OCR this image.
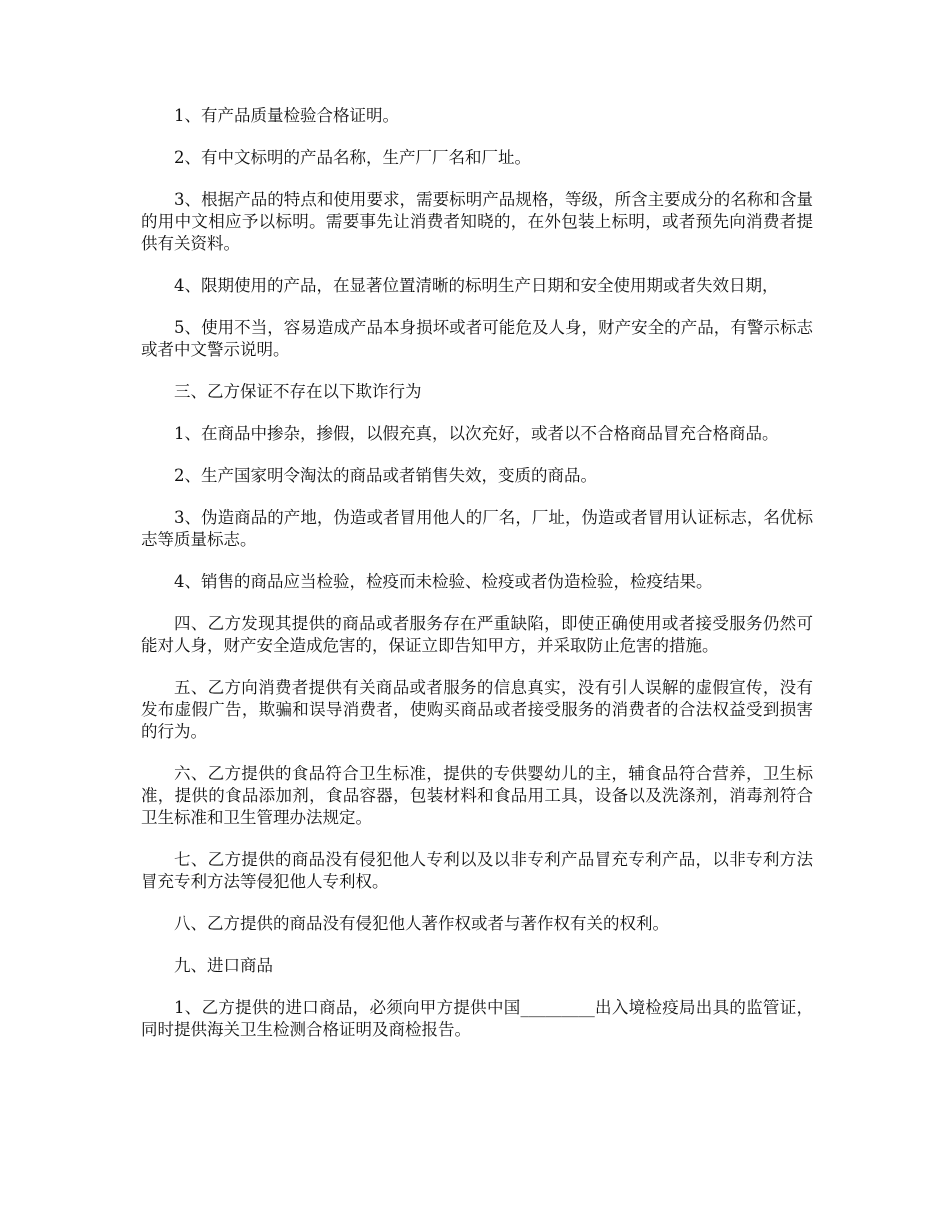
1、有产品质量检验合格证明。

2、有中文标明的产品名称，生产厂厂名和厂址。

3、根据产品的特点和使用要求，需要标明产品规格，等级，所含主要成分的名称和含量的用中文相应予以标明。需要事先让消费者知晓的，在外包装上标明，或者预先向消费者提供有关资料。

4、限期使用的产品，在显著位置清晰的标明生产日期和安全使用期或者失效日期，

5、使用不当，容易造成产品本身损坏或者可能危及人身，财产安全的产品，有警示标志或者中文警示说明。

三、乙方保证不存在以下欺诈行为

1、在商品中掺杂，掺假，以假充真，以次充好，或者以不合格商品冒充合格商品。

2、生产国家明令淘汰的商品或者销售失效，变质的商品。

3、伪造商品的产地，伪造或者冒用他人的厂名，厂址，伪造或者冒用认证标志，名优标志等质量标志。

4、销售的商品应当检验，检疫而未检验、检疫或者伪造检验，检疫结果。

四、乙方发现其提供的商品或者服务存在严重缺陷，即使正确使用或者接受服务仍然可能对人身，财产安全造成危害的，保证立即告知甲方，并采取防止危害的措施。

五、乙方向消费者提供有关商品或者服务的信息真实，没有引人误解的虚假宣传，没有发布虚假广告，欺骗和误导消费者，使购买商品或者接受服务的消费者的合法权益受到损害的行为。

六、乙方提供的食品符合卫生标准，提供的专供婴幼儿的主，辅食品符合营养，卫生标准，提供的食品添加剂，食品容器，包装材料和食品用工具，设备以及洗涤剂，消毒剂符合卫生标准和卫生管理办法规定。

七、乙方提供的商品没有侵犯他人专利以及以非专利产品冒充专利产品，以非专利方法冒充专利方法等侵犯他人专利权。

八、乙方提供的商品没有侵犯他人著作权或者与著作权有关的权利。

九、进口商品

1、乙方提供的进口商品，必须向甲方提供中国_________出入境检疫局出具的监管证，同时提供海关卫生检测合格证明及商检报告。
